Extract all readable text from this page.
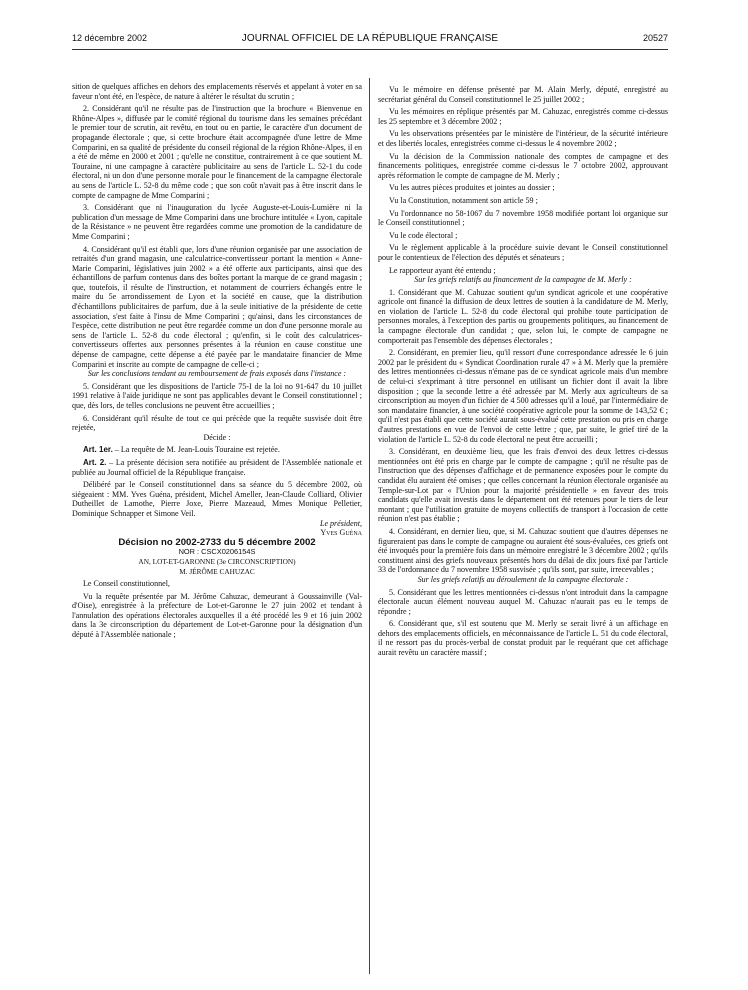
12 décembre 2002	JOURNAL OFFICIEL DE LA RÉPUBLIQUE FRANÇAISE	20527

sition de quelques affiches en dehors des emplacements réservés et appelant à voter en sa faveur n'ont été, en l'espèce, de nature à altérer le résultat du scrutin ;

2. Considérant qu'il ne résulte pas de l'instruction que la brochure « Bienvenue en Rhône-Alpes », diffusée par le comité régional du tourisme dans les semaines précédant le premier tour de scrutin, ait revêtu, en tout ou en partie, le caractère d'un document de propagande électorale ; que, si cette brochure était accompagnée d'une lettre de Mme Comparini, en sa qualité de présidente du conseil régional de la région Rhône-Alpes, il en a été de même en 2000 et 2001 ; qu'elle ne constitue, contrairement à ce que soutient M. Touraine, ni une campagne à caractère publicitaire au sens de l'article L. 52-1 du code électoral, ni un don d'une personne morale pour le financement de la campagne électorale au sens de l'article L. 52-8 du même code ; que son coût n'avait pas à être inscrit dans le compte de campagne de Mme Comparini ;

3. Considérant que ni l'inauguration du lycée Auguste-et-Louis-Lumière ni la publication d'un message de Mme Comparini dans une brochure intitulée « Lyon, capitale de la Résistance » ne peuvent être regardées comme une promotion de la candidature de Mme Comparini ;

4. Considérant qu'il est établi que, lors d'une réunion organisée par une association de retraités d'un grand magasin, une calculatrice-convertisseur portant la mention « Anne-Marie Comparini, législatives juin 2002 » a été offerte aux participants, ainsi que des échantillons de parfum contenus dans des boîtes portant la marque de ce grand magasin ; que, toutefois, il résulte de l'instruction, et notamment de courriers échangés entre le maire du 5e arrondissement de Lyon et la société en cause, que la distribution d'échantillons publicitaires de parfum, due à la seule initiative de la présidente de cette association, s'est faite à l'insu de Mme Comparini ; qu'ainsi, dans les circonstances de l'espèce, cette distribution ne peut être regardée comme un don d'une personne morale au sens de l'article L. 52-8 du code électoral ; qu'enfin, si le coût des calculatrices-convertisseurs offertes aux personnes présentes à la réunion en cause constitue une dépense de campagne, cette dépense a été payée par le mandataire financier de Mme Comparini et inscrite au compte de campagne de celle-ci ;

Sur les conclusions tendant au remboursement de frais exposés dans l'instance :

5. Considérant que les dispositions de l'article 75-I de la loi no 91-647 du 10 juillet 1991 relative à l'aide juridique ne sont pas applicables devant le Conseil constitutionnel ; que, dès lors, de telles conclusions ne peuvent être accueillies ;

6. Considérant qu'il résulte de tout ce qui précède que la requête susvisée doit être rejetée,

Décide :

Art. 1er. – La requête de M. Jean-Louis Touraine est rejetée.

Art. 2. – La présente décision sera notifiée au président de l'Assemblée nationale et publiée au Journal officiel de la République française.

Délibéré par le Conseil constitutionnel dans sa séance du 5 décembre 2002, où siégeaient : MM. Yves Guéna, président, Michel Ameller, Jean-Claude Colliard, Olivier Dutheillet de Lamothe, Pierre Joxe, Pierre Mazeaud, Mmes Monique Pelletier, Dominique Schnapper et Simone Veil.

Le président,

Yves Guéna

Décision no 2002-2733 du 5 décembre 2002

NOR : CSCX0206154S

AN, LOT-ET-GARONNE (3e CIRCONSCRIPTION)

M. JÉRÔME CAHUZAC

Le Conseil constitutionnel,

Vu la requête présentée par M. Jérôme Cahuzac, demeurant à Goussainville (Val-d'Oise), enregistrée à la préfecture de Lot-et-Garonne le 27 juin 2002 et tendant à l'annulation des opérations électorales auxquelles il a été procédé les 9 et 16 juin 2002 dans la 3e circonscription du département de Lot-et-Garonne pour la désignation d'un député à l'Assemblée nationale ;

Vu le mémoire en défense présenté par M. Alain Merly, député, enregistré au secrétariat général du Conseil constitutionnel le 25 juillet 2002 ;

Vu les mémoires en réplique présentés par M. Cahuzac, enregistrés comme ci-dessus les 25 septembre et 3 décembre 2002 ;

Vu les observations présentées par le ministère de l'intérieur, de la sécurité intérieure et des libertés locales, enregistrées comme ci-dessus le 4 novembre 2002 ;

Vu la décision de la Commission nationale des comptes de campagne et des financements politiques, enregistrée comme ci-dessus le 7 octobre 2002, approuvant après réformation le compte de campagne de M. Merly ;

Vu les autres pièces produites et jointes au dossier ;

Vu la Constitution, notamment son article 59 ;

Vu l'ordonnance no 58-1067 du 7 novembre 1958 modifiée portant loi organique sur le Conseil constitutionnel ;

Vu le code électoral ;

Vu le règlement applicable à la procédure suivie devant le Conseil constitutionnel pour le contentieux de l'élection des députés et sénateurs ;

Le rapporteur ayant été entendu ;

Sur les griefs relatifs au financement de la campagne de M. Merly :

1. Considérant que M. Cahuzac soutient qu'un syndicat agricole et une coopérative agricole ont financé la diffusion de deux lettres de soutien à la candidature de M. Merly, en violation de l'article L. 52-8 du code électoral qui prohibe toute participation de personnes morales, à l'exception des partis ou groupements politiques, au financement de la campagne électorale d'un candidat ; que, selon lui, le compte de campagne ne comporterait pas l'ensemble des dépenses électorales ;

2. Considérant, en premier lieu, qu'il ressort d'une correspondance adressée le 6 juin 2002 par le président du « Syndicat Coordination rurale 47 » à M. Merly que la première des lettres mentionnées ci-dessus n'émane pas de ce syndicat agricole mais d'un membre de celui-ci s'exprimant à titre personnel en utilisant un fichier dont il avait la libre disposition ; que la seconde lettre a été adressée par M. Merly aux agriculteurs de sa circonscription au moyen d'un fichier de 4 500 adresses qu'il a loué, par l'intermédiaire de son mandataire financier, à une société coopérative agricole pour la somme de 143,52 € ; qu'il n'est pas établi que cette société aurait sous-évalué cette prestation ou pris en charge d'autres prestations en vue de l'envoi de cette lettre ; que, par suite, le grief tiré de la violation de l'article L. 52-8 du code électoral ne peut être accueilli ;

3. Considérant, en deuxième lieu, que les frais d'envoi des deux lettres ci-dessus mentionnées ont été pris en charge par le compte de campagne ; qu'il ne résulte pas de l'instruction que des dépenses d'affichage et de permanence exposées pour le compte du candidat élu auraient été omises ; que celles concernant la réunion électorale organisée au Temple-sur-Lot par « l'Union pour la majorité présidentielle » en faveur des trois candidats qu'elle avait investis dans le département ont été retenues pour le tiers de leur montant ; que l'utilisation gratuite de moyens collectifs de transport à l'occasion de cette réunion n'est pas établie ;

4. Considérant, en dernier lieu, que, si M. Cahuzac soutient que d'autres dépenses ne figureraient pas dans le compte de campagne ou auraient été sous-évaluées, ces griefs ont été invoqués pour la première fois dans un mémoire enregistré le 3 décembre 2002 ; qu'ils constituent ainsi des griefs nouveaux présentés hors du délai de dix jours fixé par l'article 33 de l'ordonnance du 7 novembre 1958 susvisée ; qu'ils sont, par suite, irrecevables ;

Sur les griefs relatifs au déroulement de la campagne électorale :

5. Considérant que les lettres mentionnées ci-dessus n'ont introduit dans la campagne électorale aucun élément nouveau auquel M. Cahuzac n'aurait pas eu le temps de répondre ;

6. Considérant que, s'il est soutenu que M. Merly se serait livré à un affichage en dehors des emplacements officiels, en méconnaissance de l'article L. 51 du code électoral, il ne ressort pas du procès-verbal de constat produit par le requérant que cet affichage aurait revêtu un caractère massif ;
